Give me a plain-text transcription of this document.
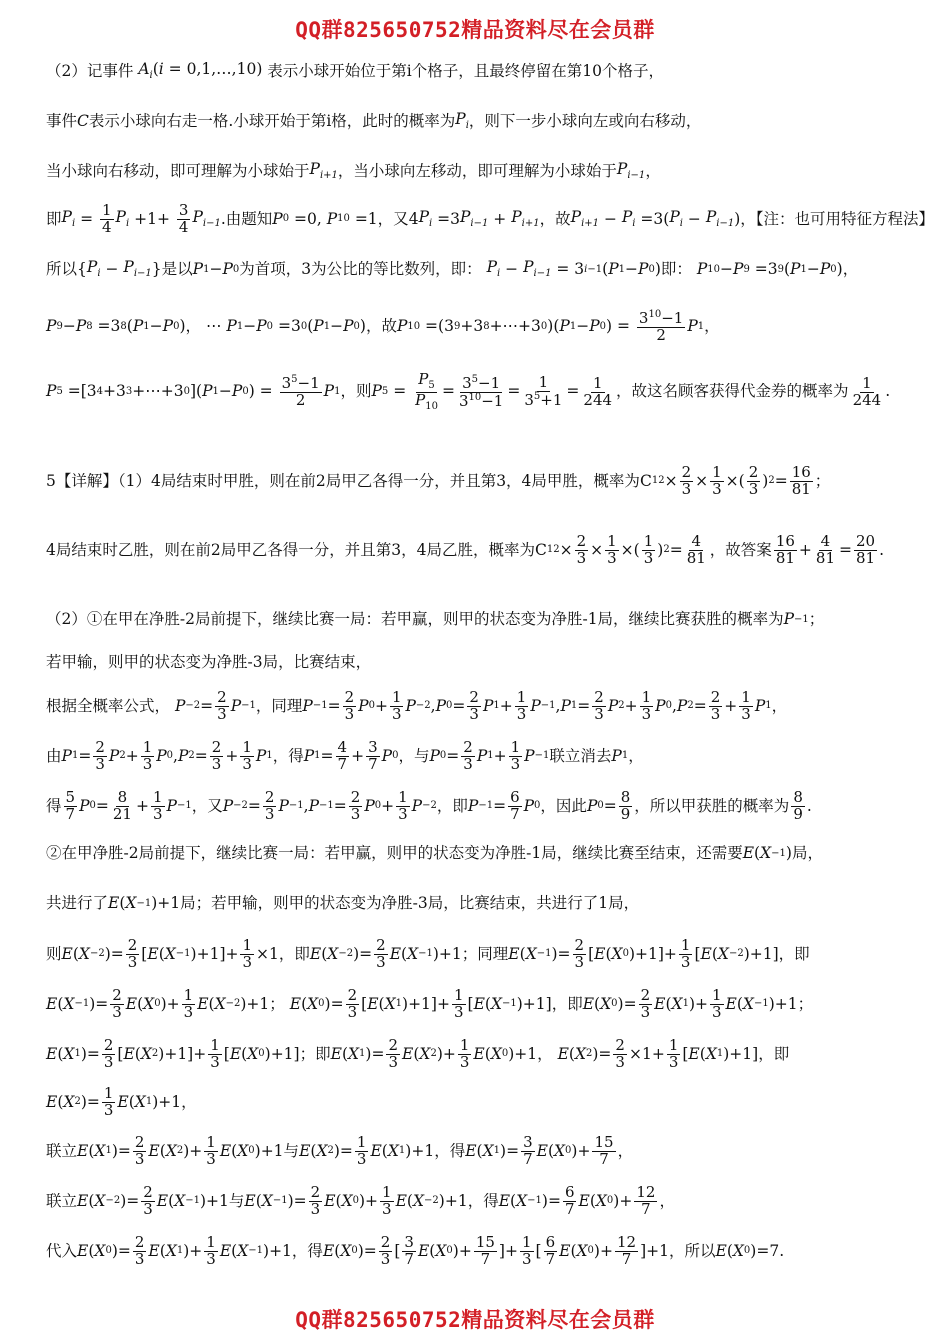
QQ群825650752精品资料尽在会员群
（2）记事件 $A_i(i$ = 0,1,…,10) 表示小球开始位于第i个格子，且最终停留在第10个格子，
事件 C 表示小球向右走一格.小球开始于第i格，此时的概率为 $P_i$ ，则下一步小球向左或向右移动，
当小球向右移动，即可理解为小球始于 $P_{i+1}$ ，当小球向左移动，即可理解为小球始于 $P_{i-1}$ ，
即 $P_i = 1$
4
$P_i +1+ 3$
4
$P_{i-1}$ .由题知 P 0 =0, P 10 =1 ，又 4 $P_i =3$ $P_{i-1} + P_{i+1}$ ，故 $P_{i+1} - P_i =3$( $P_i - P_{i-1}$ ) ，【注：也可用特征方程法】
所以 { $P_i - P_{i-1}$ } 是以 P 1 − P 0 为首项，3为公比的等比数列，即：
$P_i - P_{i-1} = 3$ i−1 ( P 1 − P 0 ) 即：
P 10 − P 9 =3 9 ( P 1 − P 0 )，
P 9 − P 8 =3 8 ( P 1 − P 0 ) ， ⋯ P 1 − P 0 =3 0 ( P 1 − P 0 ) ，故 P 10 =(3 9 +3 8 +⋯+3 0 )( P 1 − P 0 ) = $3^{10}-1$
2 P 1 ，
P 5 =[3 4 +3 3 +⋯+3 0 ]( P 1 − P 0 ) = $3^5-1$
2 P 1 ，则 P 5 =
$P_5$
$P_{10}$
= $3^5-1$
$3^{10}-1$
= 1
$3^5+1 = 1$
244 ，故这名顾客获得代金券的概率为 1
244 .
5【详解】（1）4局结束时甲胜，则在前2局甲乙各得一分，并且第3，4局甲胜，概率为 C 1 2 × 2
3 × 1
3 ×( 2
3 ) 2 = 16
81 ；
4局结束时乙胜，则在前2局甲乙各得一分，并且第3，4局乙胜，概率为 C 1 2 × 2
3 × 1
3 ×( 1
3 ) 2 = 4
81 ，故答案 16
81 + 4
81 = 20
81 .
（2）①在甲在净胜-2局前提下，继续比赛一局：若甲赢，则甲的状态变为净胜-1局，继续比赛获胜的概率为 P −1 ；
若甲输，则甲的状态变为净胜-3局，比赛结束，
根据全概率公式，
P −2 = 2
3 P −1 ，同理 P −1 = 2
3 P 0 + 1
3 P −2 , P 0 = 2
3 P 1 + 1
3 P −1 , P 1 = 2
3 P 2 + 1
3 P 0 , P 2 = 2
3 + 1
3 P 1 ，
由 P 1 = 2
3 P 2 + 1
3 P 0 , P 2 = 2
3 + 1
3 P 1 ，得 P 1 = 4
7 + 3
7 P 0 ，与 P 0 = 2
3 P 1 + 1
3 P −1 联立消去 P 1 ，
得 5
7 P 0 = 8
21 + 1
3 P −1 ，又 P −2 = 2
3 P −1 , P −1 = 2
3 P 0 + 1
3 P −2 ，即 P −1 = 6
7 P 0 ，因此 P 0 = 8
9 ，所以甲获胜的概率为 8
9 .
②在甲净胜-2局前提下，继续比赛一局：若甲赢，则甲的状态变为净胜-1局，继续比赛至结束，还需要 E ( X −1 ) 局，
共进行了 E ( X −1 )+1 局；若甲输，则甲的状态变为净胜-3局，比赛结束，共进行了1局，
则 E ( X −2 )= 2
3 [ E ( X −1 )+1]+ 1
3 ×1 ，即 E ( X −2 )= 2
3 E ( X −1 )+1 ；同理 E ( X −1 )= 2
3 [ E ( X 0 )+1]+ 1
3 [ E ( X −2 )+1] ，即
E ( X −1 )= 2
3 E ( X 0 )+ 1
3 E ( X −2 )+1 ；
E ( X 0 )= 2
3 [ E ( X 1 )+1]+ 1
3 [ E ( X −1 )+1] ，即 E ( X 0 )= 2
3 E ( X 1 )+ 1
3 E ( X −1 )+1；
E ( X 1 )= 2
3 [ E ( X 2 )+1]+ 1
3 [ E ( X 0 )+1] ；即 E ( X 1 )= 2
3 E ( X 2 )+ 1
3 E ( X 0 )+1， E ( X 2 )= 2
3 ×1+ 1
3 [ E ( X 1 )+1] ，即
E ( X 2 )= 1
3 E ( X 1 )+1，
联立 E ( X 1 )= 2
3 E ( X 2 )+ 1
3 E ( X 0 )+1 与 E ( X 2 )= 1
3 E ( X 1 )+1 ，得 E ( X 1 )= 3
7 E ( X 0 )+ 15
7 ，
联立 E ( X −2 )= 2
3 E ( X −1 )+1 与 E ( X −1 )= 2
3 E ( X 0 )+ 1
3 E ( X −2 )+1 ，得 E ( X −1 )= 6
7 E ( X 0 )+ 12
7 ，
代入 E ( X 0 )= 2
3 E ( X 1 )+ 1
3 E ( X −1 )+1 ，得 E ( X 0 )= 2
3 [ 3
7 E ( X 0 )+ 15
7 ]+ 1
3 [ 6
7 E ( X 0 )+ 12
7 ]+1 ，所以 E ( X 0 )=7.
QQ群825650752精品资料尽在会员群
